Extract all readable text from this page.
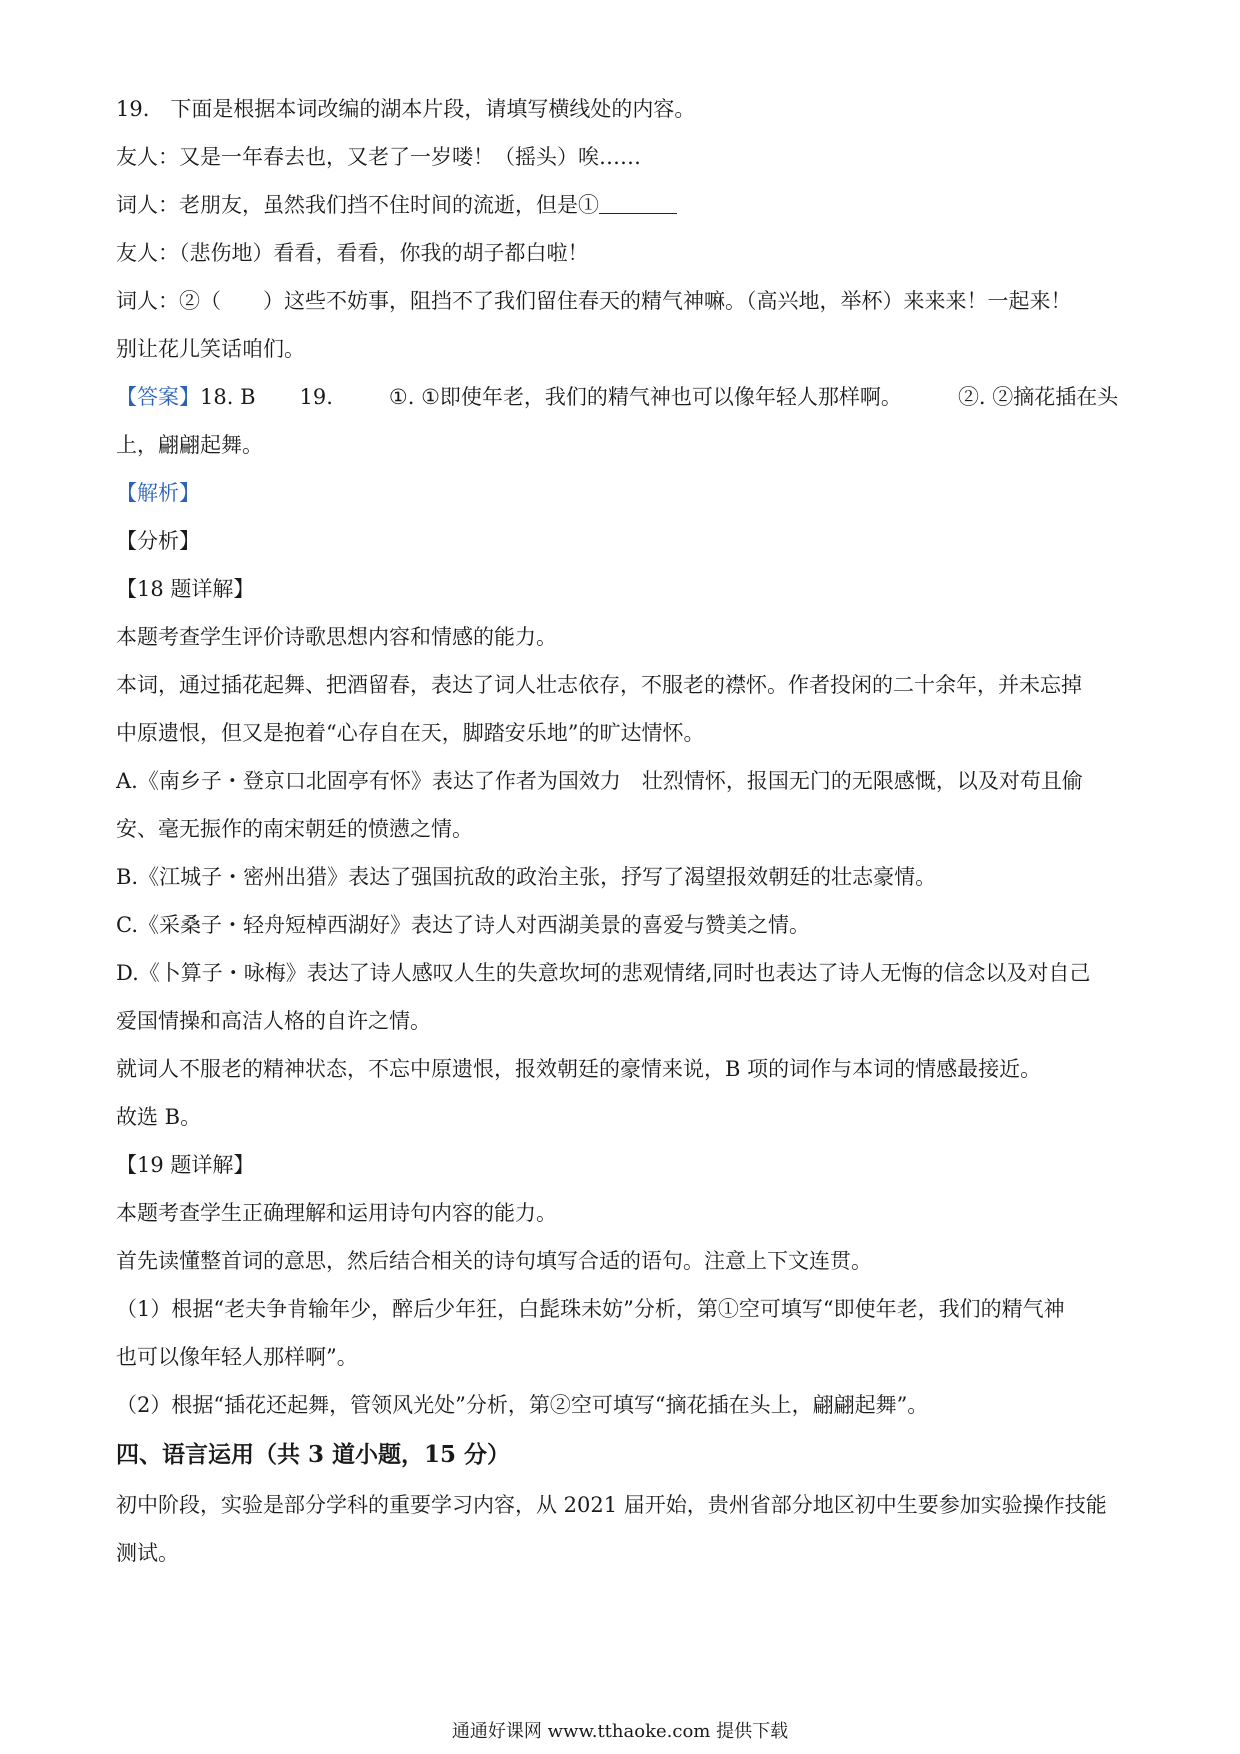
19.　下面是根据本词改编的湖本片段，请填写横线处的内容。
友人：又是一年春去也，又老了一岁喽！（摇头）唉……
词人：老朋友，虽然我们挡不住时间的流逝，但是①
友人：（悲伤地）看看，看看，你我的胡子都白啦！
词人：②（　　）这些不妨事，阻挡不了我们留住春天的精气神嘛。（高兴地，举杯）来来来！一起来！
别让花儿笑话咱们。
【答案】18. B 19.	①. ①即使年老，我们的精气神也可以像年轻人那样啊。	②. ②摘花插在头
上，翩翩起舞。
【解析】
【分析】
【18 题详解】
本题考查学生评价诗歌思想内容和情感的能力。
本词，通过插花起舞、把酒留春，表达了词人壮志依存，不服老的襟怀。作者投闲的二十余年，并未忘掉
中原遗恨，但又是抱着“心存自在天，脚踏安乐地”的旷达情怀。
A.《南乡子・登京口北固亭有怀》表达了作者为国效力　壮烈情怀，报国无门的无限感慨，以及对苟且偷
安、毫无振作的南宋朝廷的愤懑之情。
B.《江城子・密州出猎》表达了强国抗敌的政治主张，抒写了渴望报效朝廷的壮志豪情。
C.《采桑子・轻舟短棹西湖好》表达了诗人对西湖美景的喜爱与赞美之情。
D.《卜算子・咏梅》表达了诗人感叹人生的失意坎坷的悲观情绪,同时也表达了诗人无悔的信念以及对自己
爱国情操和高洁人格的自许之情。
就词人不服老的精神状态，不忘中原遗恨，报效朝廷的豪情来说，B 项的词作与本词的情感最接近。
故选 B。
【19 题详解】
本题考查学生正确理解和运用诗句内容的能力。
首先读懂整首词的意思，然后结合相关的诗句填写合适的语句。注意上下文连贯。
（1）根据“老夫争肯输年少，醉后少年狂，白髭珠未妨”分析，第①空可填写“即使年老，我们的精气神
也可以像年轻人那样啊”。
（2）根据“插花还起舞，管领风光处”分析，第②空可填写“摘花插在头上，翩翩起舞”。
四、语言运用（共 3 道小题，15 分）
初中阶段，实验是部分学科的重要学习内容，从 2021 届开始，贵州省部分地区初中生要参加实验操作技能
测试。
通通好课网 www.tthaoke.com 提供下载
